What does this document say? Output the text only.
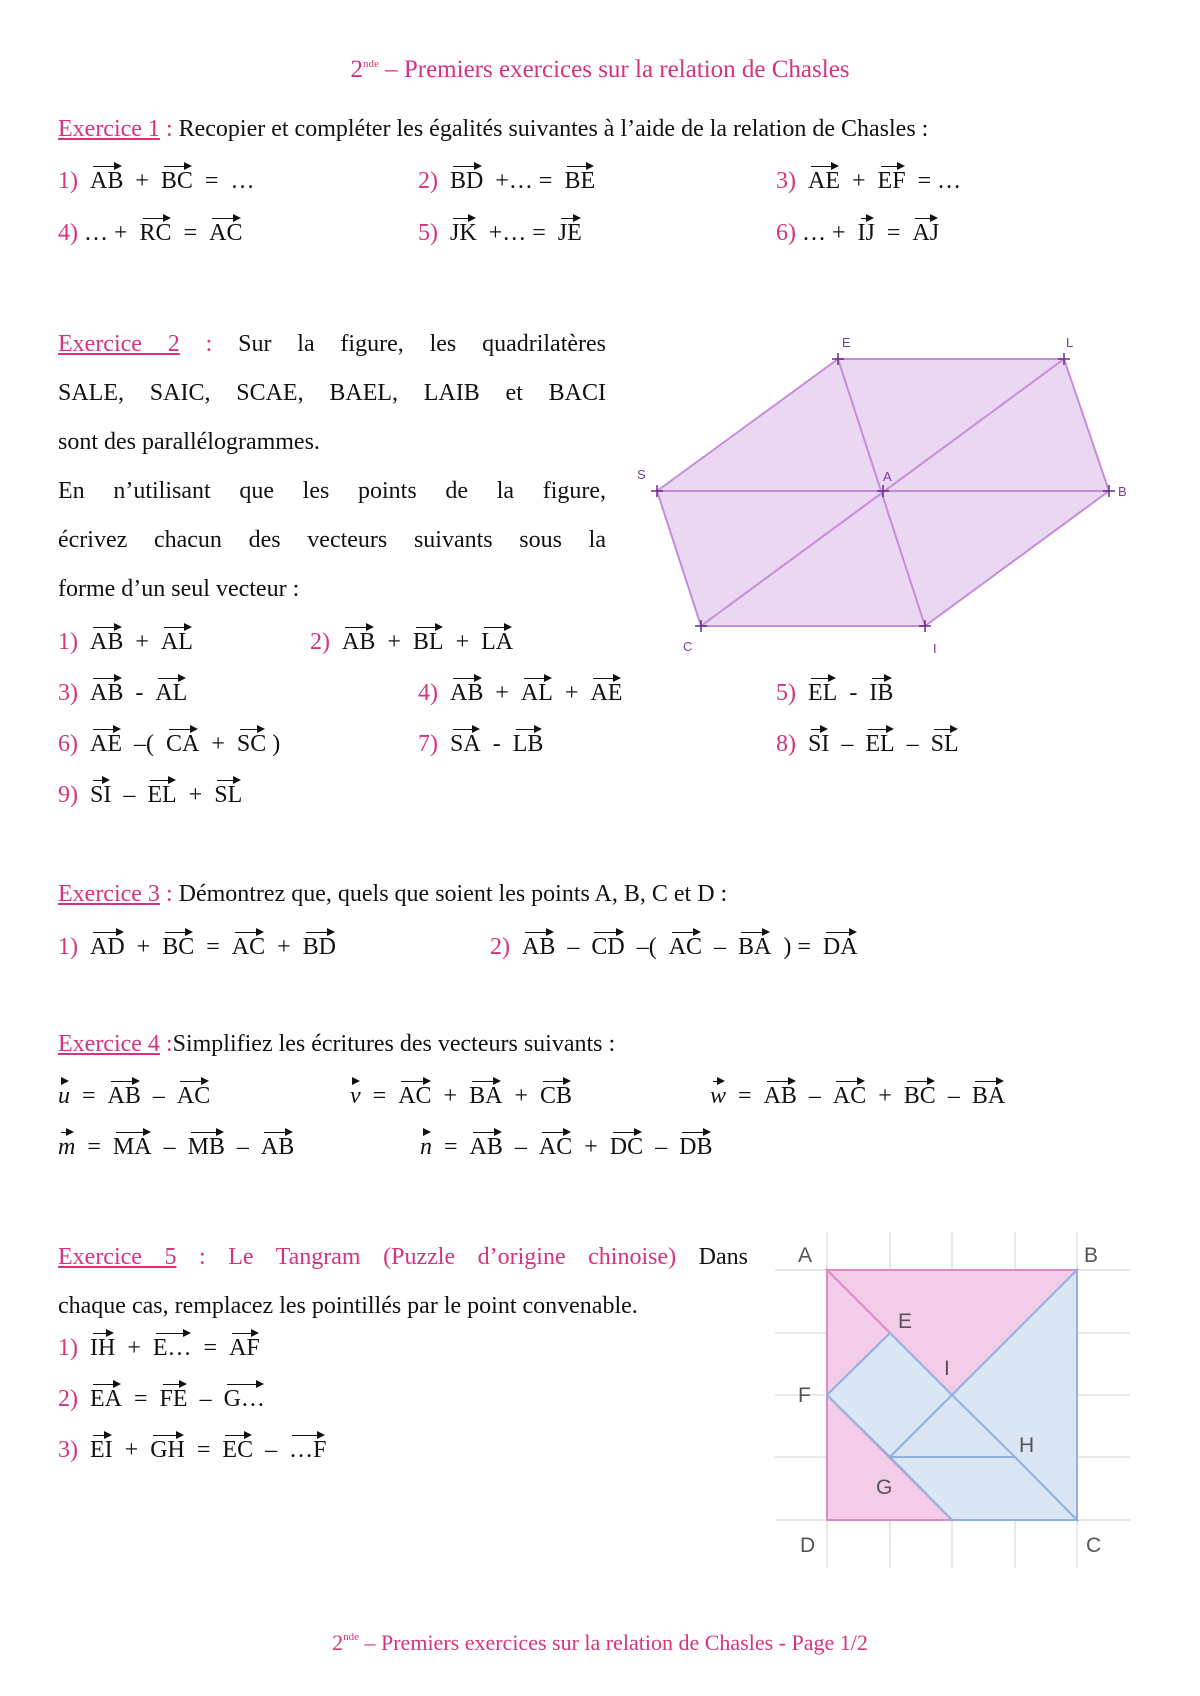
2nde – Premiers exercices sur la relation de Chasles
Exercice 1 : Recopier et compléter les égalités suivantes à l’aide de la relation de Chasles :
1) AB  +  BC  =  …	2) BD  +… =  BE	3) AE  +  EF  = …
4) … +  RC  =  AC	5) JK  +… =  JE	6) … +  IJ  =  AJ

Exercice 2 : Sur la figure, les quadrilatères

SALE, SAIC, SCAE, BAEL, LAIB et BACI

sont des parallélogrammes.

En n’utilisant que les points de la figure,

écrivez chacun des vecteurs suivants sous la

forme d’un seul vecteur :

E	L
S	A
B
C	I
1) AB  +  AL	2) AB  +  BL  +  LA
3) AB  -  AL	4) AB  +  AL  +  AE	5) EL  -  IB
6) AE  –(  CA  +  SC )	7) SA  -  LB	8) SI  –  EL  –  SL
9) SI  –  EL  +  SL
Exercice 3 : Démontrez que, quels que soient les points A, B, C et D :
1) AD  +  BC  =  AC  +  BD	2) AB  –  CD  –(  AC  –  BA  ) =  DA
Exercice 4 :Simplifiez les écritures des vecteurs suivants :
u  =  AB  –  AC	v  =  AC  +  BA  +  CB	w  =  AB  –  AC  +  BC  –  BA
m  =  MA  –  MB  –  AB	n  =  AB  –  AC  +  DC  –  DB

Exercice 5 : Le Tangram (Puzzle d’origine chinoise) Dans

chaque cas, remplacez les pointillés par le point convenable.

1) IH  +  E…  =  AF
2) EA  =  FE  –  G…
3) EI  +  GH  =  EC  –  …F
A	B
E
I
F
H
G
D	C
2nde – Premiers exercices sur la relation de Chasles - Page 1/2
